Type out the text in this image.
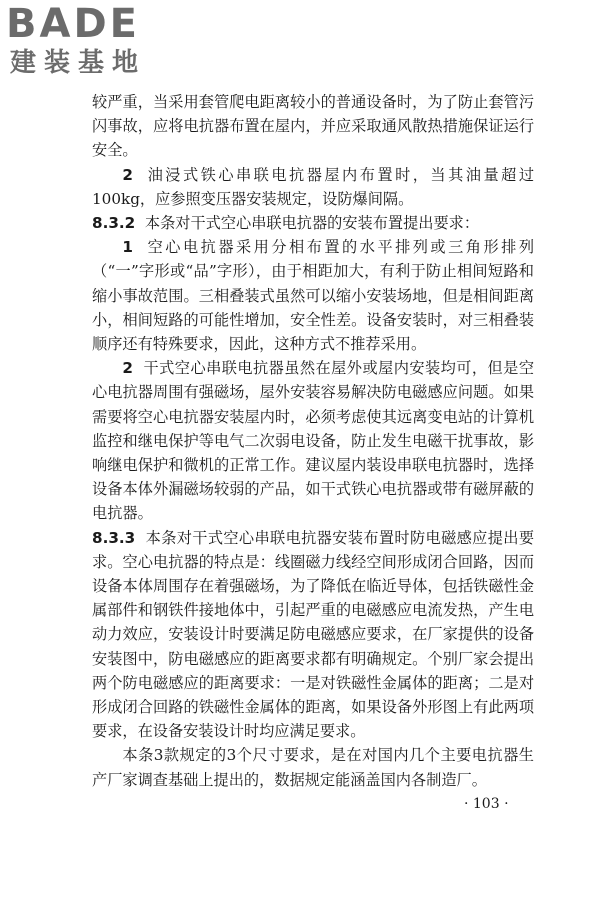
BADE
建装基地

较严重，当采用套管爬电距离较小的普通设备时，为了防止套管污闪事故，应将电抗器布置在屋内，并应采取通风散热措施保证运行安全。

2 油浸式铁心串联电抗器屋内布置时，当其油量超过100kg，应参照变压器安装规定，设防爆间隔。

8.3.2 本条对干式空心串联电抗器的安装布置提出要求：

1 空心电抗器采用分相布置的水平排列或三角形排列（“一”字形或“品”字形），由于相距加大，有利于防止相间短路和缩小事故范围。三相叠装式虽然可以缩小安装场地，但是相间距离小，相间短路的可能性增加，安全性差。设备安装时，对三相叠装顺序还有特殊要求，因此，这种方式不推荐采用。

2 干式空心串联电抗器虽然在屋外或屋内安装均可，但是空心电抗器周围有强磁场，屋外安装容易解决防电磁感应问题。如果需要将空心电抗器安装屋内时，必须考虑使其远离变电站的计算机监控和继电保护等电气二次弱电设备，防止发生电磁干扰事故，影响继电保护和微机的正常工作。建议屋内装设串联电抗器时，选择设备本体外漏磁场较弱的产品，如干式铁心电抗器或带有磁屏蔽的电抗器。

8.3.3 本条对干式空心串联电抗器安装布置时防电磁感应提出要求。空心电抗器的特点是：线圈磁力线经空间形成闭合回路，因而设备本体周围存在着强磁场，为了降低在临近导体，包括铁磁性金属部件和钢铁件接地体中，引起严重的电磁感应电流发热，产生电动力效应，安装设计时要满足防电磁感应要求，在厂家提供的设备安装图中，防电磁感应的距离要求都有明确规定。个别厂家会提出两个防电磁感应的距离要求：一是对铁磁性金属体的距离；二是对形成闭合回路的铁磁性金属体的距离，如果设备外形图上有此两项要求，在设备安装设计时均应满足要求。

本条3款规定的3个尺寸要求，是在对国内几个主要电抗器生产厂家调查基础上提出的，数据规定能涵盖国内各制造厂。

· 103 ·
